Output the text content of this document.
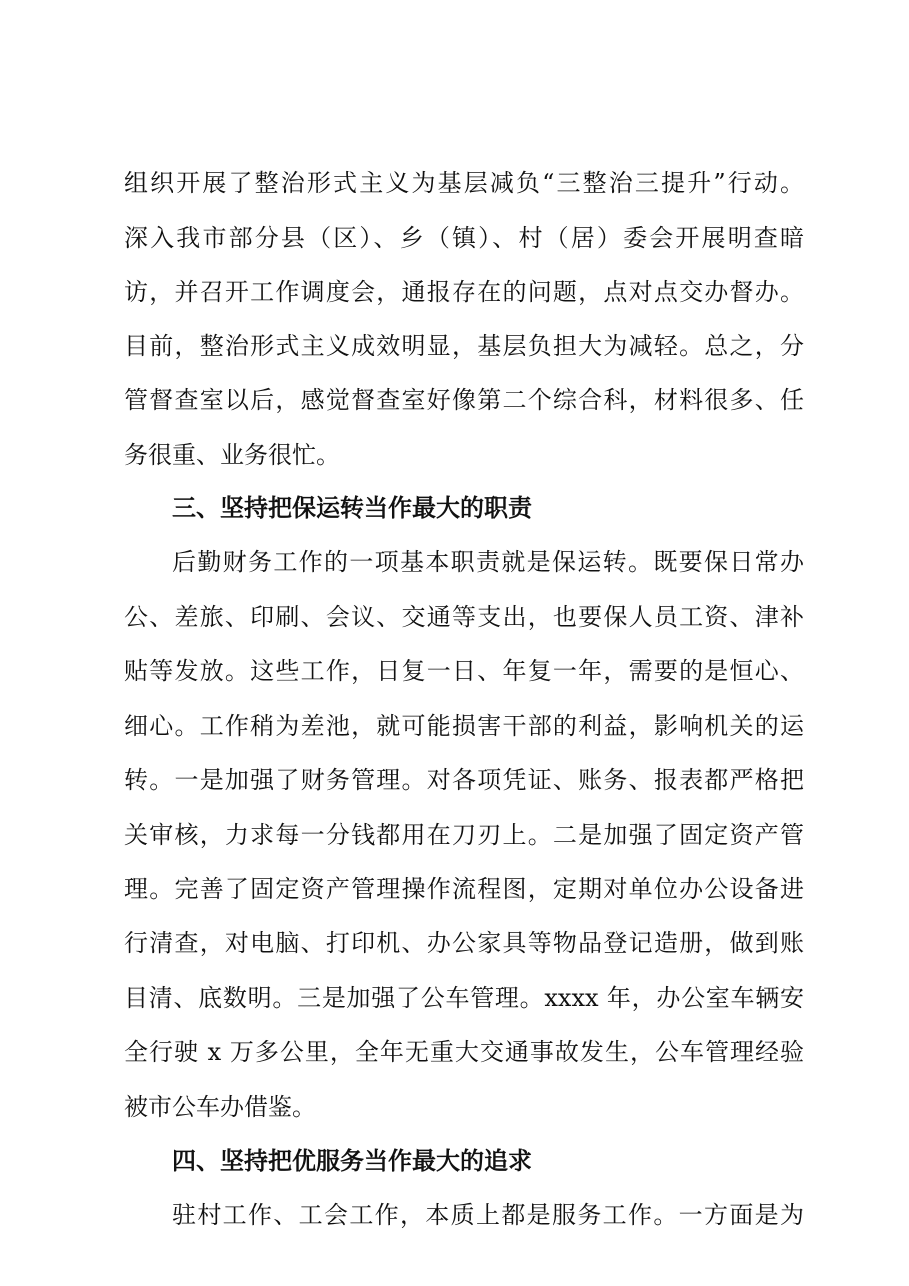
组织开展了整治形式主义为基层减负“三整治三提升”行动。
深入我市部分县（区）、乡（镇）、村（居）委会开展明查暗
访，并召开工作调度会，通报存在的问题，点对点交办督办。
目前，整治形式主义成效明显，基层负担大为减轻。总之，分
管督查室以后，感觉督查室好像第二个综合科，材料很多、任
务很重、业务很忙。
三、坚持把保运转当作最大的职责
后勤财务工作的一项基本职责就是保运转。既要保日常办
公、差旅、印刷、会议、交通等支出，也要保人员工资、津补
贴等发放。这些工作，日复一日、年复一年，需要的是恒心、
细心。工作稍为差池，就可能损害干部的利益，影响机关的运
转。一是加强了财务管理。对各项凭证、账务、报表都严格把
关审核，力求每一分钱都用在刀刃上。二是加强了固定资产管
理。完善了固定资产管理操作流程图，定期对单位办公设备进
行清查，对电脑、打印机、办公家具等物品登记造册，做到账
目清、底数明。三是加强了公车管理。xxxx 年，办公室车辆安
全行驶 x 万多公里，全年无重大交通事故发生，公车管理经验
被市公车办借鉴。
四、坚持把优服务当作最大的追求
驻村工作、工会工作，本质上都是服务工作。一方面是为
